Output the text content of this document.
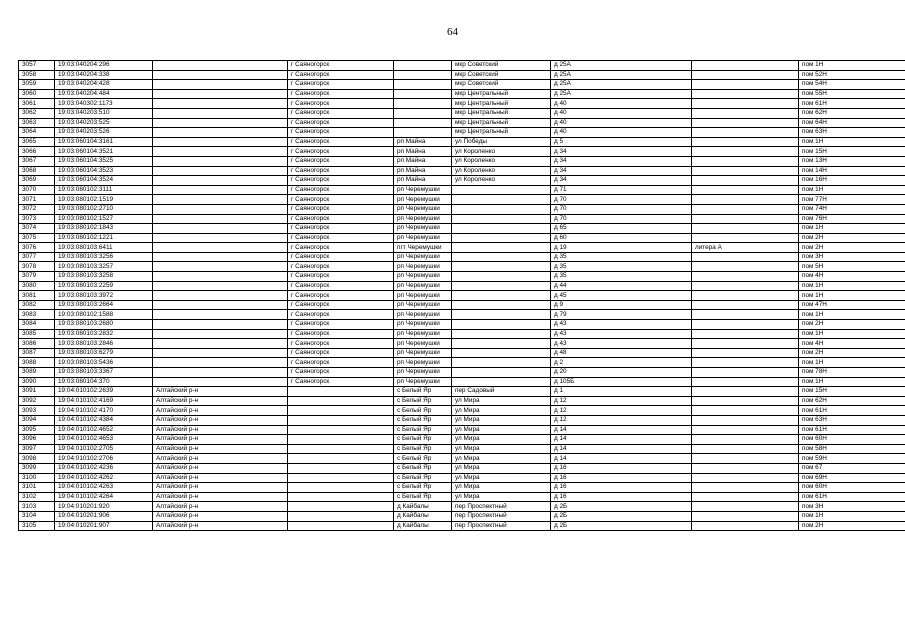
64
3057	19:03:040204:296		г Саяногорск		мкр Советский	д 25А		пом 1Н
3058	19:03:040204:338		г Саяногорск		мкр Советский	д 25А		пом 52Н
3059	19:03:040204:428		г Саяногорск		мкр Советский	д 25А		пом 54Н
3060	19:03:040204:484		г Саяногорск		мкр Центральный	д 25А		пом 55Н
3061	19:03:040302:1173		г Саяногорск		мкр Центральный	д 40		пом 61Н
3062	19:03:040203:510		г Саяногорск		мкр Центральный	д 40		пом 62Н
3063	19:03:040203:525		г Саяногорск		мкр Центральный	д 40		пом 64Н
3064	19:03:040203:526		г Саяногорск		мкр Центральный	д 40		пом 63Н
3065	19:03:060104:3161		г Саяногорск	рп Майна	ул Победы	д 5		пом 1Н
3066	19:03:060104:3521		г Саяногорск	рп Майна	ул Короленко	д 34		пом 15Н
3067	19:03:060104:3525		г Саяногорск	рп Майна	ул Короленко	д 34		пом 13Н
3068	19:03:060104:3523		г Саяногорск	рп Майна	ул Короленко	д 34		пом 14Н
3069	19:03:060104:3524		г Саяногорск	рп Майна	ул Короленко	д 34		пом 16Н
3070	19:03:080102:3111		г Саяногорск	рп Черемушки		д 71		пом 1Н
3071	19:03:080102:1519		г Саяногорск	рп Черемушки		д 70		пом 77Н
3072	19:03:080102:2710		г Саяногорск	рп Черемушки		д 70		пом 74Н
3073	19:03:080102:1527		г Саяногорск	рп Черемушки		д 70		пом 76Н
3074	19:03:080102:1843		г Саяногорск	рп Черемушки		д 65		пом 1Н
3075	19:03:080102:1221		г Саяногорск	рп Черемушки		д 60		пом 2Н
3076	19:03:080103:6411		г Саяногорск	пгт Черемушки		д 19	литера А	пом 2Н
3077	19:03:080103:3256		г Саяногорск	рп Черемушки		д 35		пом 3Н
3078	19:03:080103:3257		г Саяногорск	рп Черемушки		д 35		пом 5Н
3079	19:03:080103:3258		г Саяногорск	рп Черемушки		д 35		пом 4Н
3080	19:03:080103:2259		г Саяногорск	рп Черемушки		д 44		пом 1Н
3081	19:03:080103:3972		г Саяногорск	рп Черемушки		д 45		пом 1Н
3082	19:03:080103:2664		г Саяногорск	рп Черемушки		д 9		пом 47Н
3083	19:03:080102:1588		г Саяногорск	рп Черемушки		д 79		пом 1Н
3084	19:03:080103:2680		г Саяногорск	рп Черемушки		д 43		пом 2Н
3085	19:03:080103:2832		г Саяногорск	рп Черемушки		д 43		пом 1Н
3086	19:03:080103:2846		г Саяногорск	рп Черемушки		д 43		пом 4Н
3087	19:03:080103:6279		г Саяногорск	рп Черемушки		д 48		пом 2Н
3088	19:03:080103:5436		г Саяногорск	рп Черемушки		д 2		пом 1Н
3089	19:03:080103:3367		г Саяногорск	рп Черемушки		д 20		пом 78Н
3090	19:03:080104:370		г Саяногорск	рп Черемушки		д 105Б		пом 1Н
3091	19:04:010102:2639	Алтайский р-н		с Белый Яр	пер Садовый	д 1		пом 15Н
3092	19:04:010102:4169	Алтайский р-н		с Белый Яр	ул Мира	д 12		пом 62Н
3093	19:04:010102:4170	Алтайский р-н		с Белый Яр	ул Мира	д 12		пом 61Н
3094	19:04:010102:4384	Алтайский р-н		с Белый Яр	ул Мира	д 12		пом 63Н
3095	19:04:010102:4652	Алтайский р-н		с Белый Яр	ул Мира	д 14		пом 61Н
3096	19:04:010102:4653	Алтайский р-н		с Белый Яр	ул Мира	д 14		пом 60Н
3097	19:04:010102:2705	Алтайский р-н		с Белый Яр	ул Мира	д 14		пом 58Н
3098	19:04:010102:2706	Алтайский р-н		с Белый Яр	ул Мира	д 14		пом 59Н
3099	19:04:010102:4236	Алтайский р-н		с Белый Яр	ул Мира	д 16		пом 67
3100	19:04:010102:4262	Алтайский р-н		с Белый Яр	ул Мира	д 16		пом 69Н
3101	19:04:010102:4263	Алтайский р-н		с Белый Яр	ул Мира	д 16		пом 60Н
3102	19:04:010102:4264	Алтайский р-н		с Белый Яр	ул Мира	д 16		пом 61Н
3103	19:04:010201:920	Алтайский р-н		д Кайбалы	пер Проспектный	д 2Б		пом 3Н
3104	19:04:010201:906	Алтайский р-н		д Кайбалы	пер Проспектный	д 2Б		пом 1Н
3105	19:04:010201:907	Алтайский р-н		д Кайбалы	пер Проспектный	д 2Б		пом 2Н
